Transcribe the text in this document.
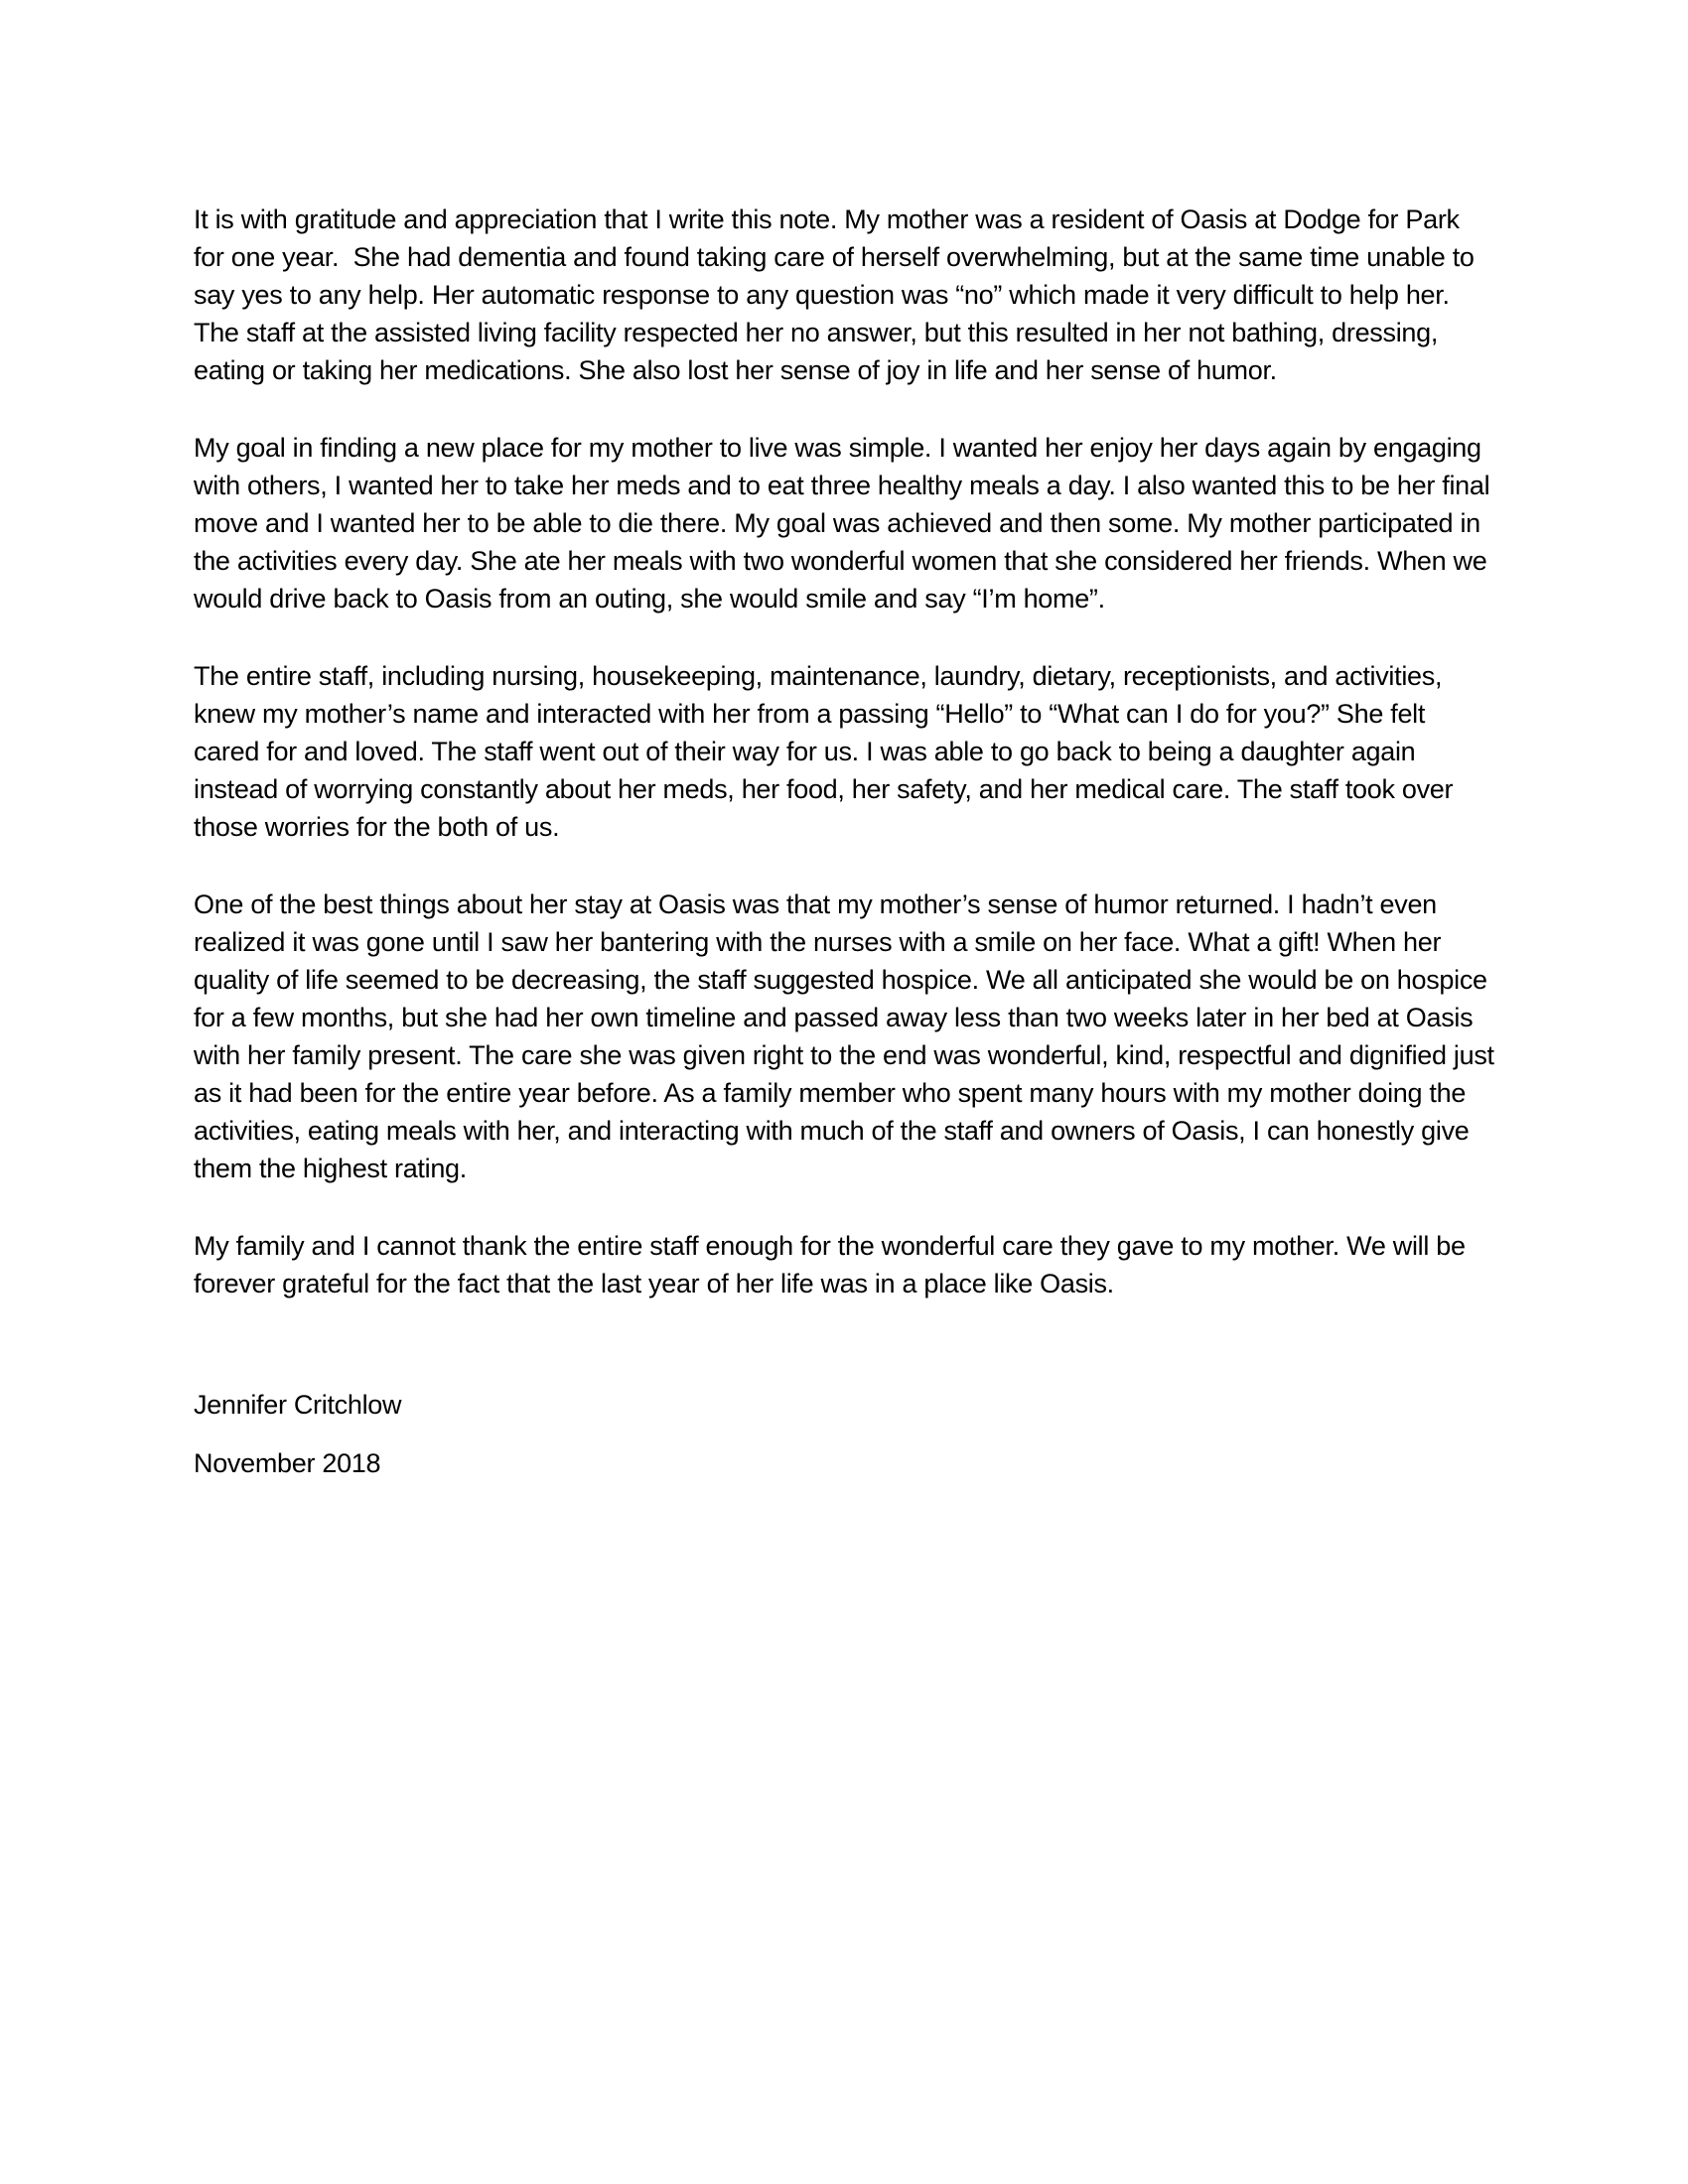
It is with gratitude and appreciation that I write this note. My mother was a resident of Oasis at Dodge for Park for one year.  She had dementia and found taking care of herself overwhelming, but at the same time unable to say yes to any help. Her automatic response to any question was “no” which made it very difficult to help her. The staff at the assisted living facility respected her no answer, but this resulted in her not bathing, dressing, eating or taking her medications. She also lost her sense of joy in life and her sense of humor.

My goal in finding a new place for my mother to live was simple. I wanted her enjoy her days again by engaging with others, I wanted her to take her meds and to eat three healthy meals a day. I also wanted this to be her final move and I wanted her to be able to die there. My goal was achieved and then some. My mother participated in the activities every day. She ate her meals with two wonderful women that she considered her friends. When we would drive back to Oasis from an outing, she would smile and say “I’m home”.

The entire staff, including nursing, housekeeping, maintenance, laundry, dietary, receptionists, and activities, knew my mother’s name and interacted with her from a passing “Hello” to “What can I do for you?” She felt cared for and loved. The staff went out of their way for us. I was able to go back to being a daughter again instead of worrying constantly about her meds, her food, her safety, and her medical care. The staff took over those worries for the both of us.

One of the best things about her stay at Oasis was that my mother’s sense of humor returned. I hadn’t even realized it was gone until I saw her bantering with the nurses with a smile on her face. What a gift! When her quality of life seemed to be decreasing, the staff suggested hospice. We all anticipated she would be on hospice for a few months, but she had her own timeline and passed away less than two weeks later in her bed at Oasis with her family present. The care she was given right to the end was wonderful, kind, respectful and dignified just as it had been for the entire year before. As a family member who spent many hours with my mother doing the activities, eating meals with her, and interacting with much of the staff and owners of Oasis, I can honestly give them the highest rating.

My family and I cannot thank the entire staff enough for the wonderful care they gave to my mother. We will be forever grateful for the fact that the last year of her life was in a place like Oasis.

Jennifer Critchlow

November 2018
